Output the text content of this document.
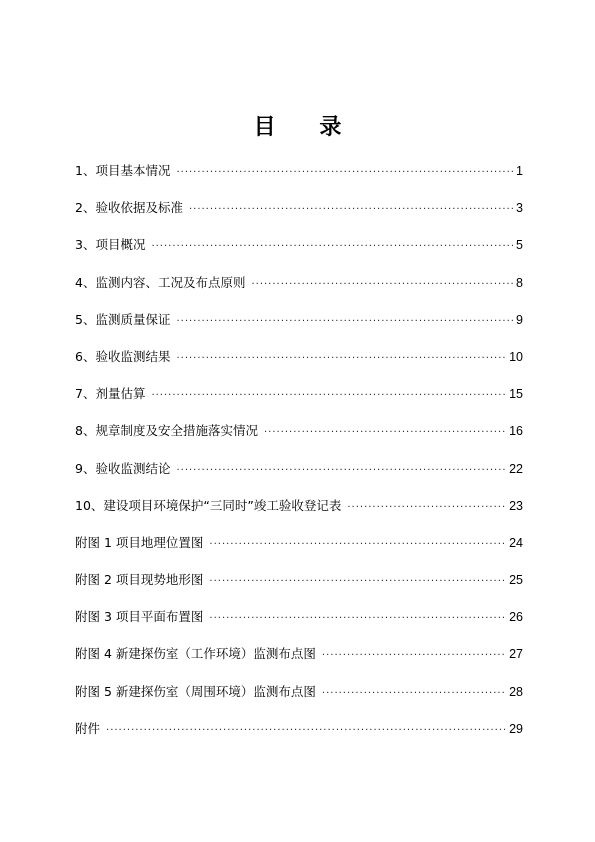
目 录
1、项目基本情况 ·····	1
2、验收依据及标准 ·····	3
3、项目概况 ·····	5
4、监测内容、工况及布点原则 ·····	8
5、监测质量保证 ·····	9
6、验收监测结果 ·····	10
7、剂量估算 ·····	15
8、规章制度及安全措施落实情况 ·····	16
9、验收监测结论 ·····	22
10、建设项目环境保护“三同时”竣工验收登记表 ·····	23
附图 1 项目地理位置图 ·····	24
附图 2 项目现势地形图 ·····	25
附图 3 项目平面布置图 ·····	26
附图 4 新建探伤室（工作环境）监测布点图 ·····	27
附图 5 新建探伤室（周围环境）监测布点图 ·····	28
附件 ·····	29
